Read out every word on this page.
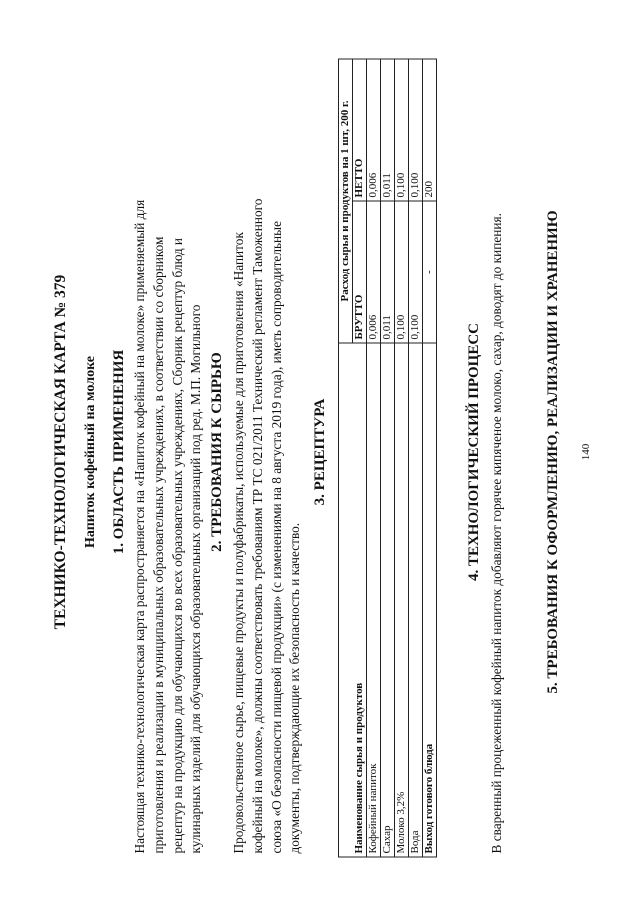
ТЕХНИКО-ТЕХНОЛОГИЧЕСКАЯ КАРТА № 379 Напиток кофейный на молоке 1. ОБЛАСТЬ ПРИМЕНЕНИЯ Настоящая технико-технологическая карта распространяется на «Напиток кофейный на молоке» применяемый для приготовления и реализации в муниципальных образовательных учреждениях, в соответствии со сборником рецептур на продукцию для обучающихся во всех образовательных учреждениях, Сборник рецептур блюд и кулинарных изделий для обучающихся образовательных организаций под ред. М.П. Могильного 2. ТРЕБОВАНИЯ К СЫРЬЮ Продовольственное сырье, пищевые продукты и полуфабрикаты, используемые для приготовления «Напиток кофейный на молоке», должны соответствовать требованиям ТР ТС 021/2011 Технический регламент Таможенного союза «О безопасности пищевой продукции» (с изменениями на 8 августа 2019 года), иметь сопроводительные документы, подтверждающие их безопасность и качество.
3. РЕЦЕПТУРА
Наименование сырья и продуктов	Расход сырья и продуктов на 1 шт, 200 г.	
	БРУТТО	НЕТТО
Кофейный напиток	0,006	0,006
Сахар	0,011	0,011
Молоко 3,2%	0,100	0,100
Вода	0,100	0,100
Выход готового блюда	-	200
4. ТЕХНОЛОГИЧЕСКИЙ ПРОЦЕСС В сваренный процеженный кофейный напиток добавляют горячее кипяченое молоко, сахар, доводят до кипения.	5. ТРЕБОВАНИЯ К ОФОРМЛЕНИЮ, РЕАЛИЗАЦИИ И ХРАНЕНИЮ 140
